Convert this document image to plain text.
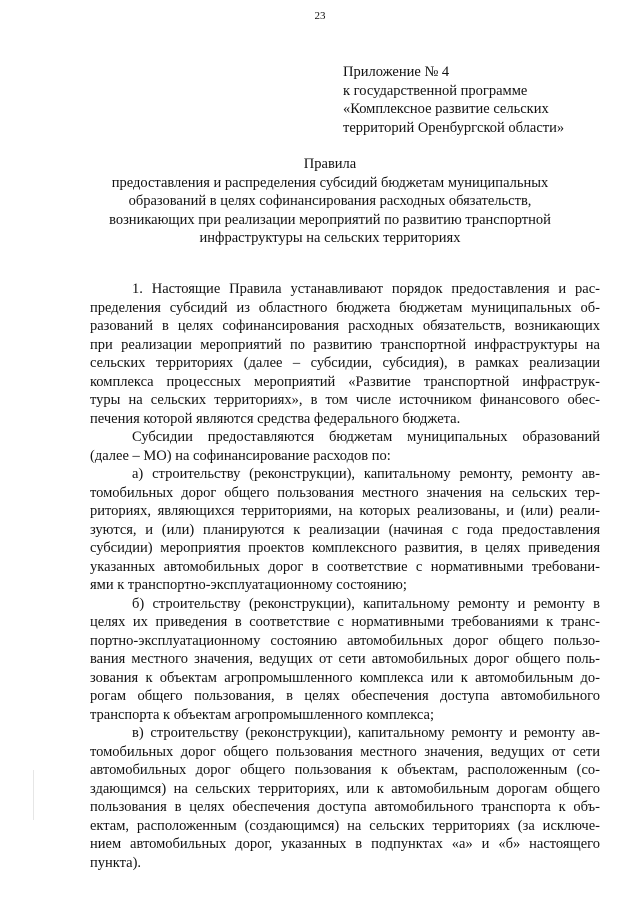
23
Приложение № 4
к государственной программе
«Комплексное развитие сельских
территорий Оренбургской области»
Правила
предоставления и распределения субсидий бюджетам муниципальных
образований в целях софинансирования расходных обязательств,
возникающих при реализации мероприятий по развитию транспортной
инфраструктуры на сельских территориях
1. Настоящие Правила устанавливают порядок предоставления и рас-
пределения субсидий из областного бюджета бюджетам муниципальных об-
разований в целях софинансирования расходных обязательств, возникающих
при реализации мероприятий по развитию транспортной инфраструктуры на
сельских территориях (далее – субсидии, субсидия), в рамках реализации
комплекса процессных мероприятий «Развитие транспортной инфраструк-
туры на сельских территориях», в том числе источником финансового обес-
печения которой являются средства федерального бюджета.
Субсидии предоставляются бюджетам муниципальных образований
(далее – МО) на софинансирование расходов по:
а) строительству (реконструкции), капитальному ремонту, ремонту ав-
томобильных дорог общего пользования местного значения на сельских тер-
риториях, являющихся территориями, на которых реализованы, и (или) реали-
зуются, и (или) планируются к реализации (начиная с года предоставления
субсидии) мероприятия проектов комплексного развития, в целях приведения
указанных автомобильных дорог в соответствие с нормативными требовани-
ями к транспортно-эксплуатационному состоянию;
б) строительству (реконструкции), капитальному ремонту и ремонту в
целях их приведения в соответствие с нормативными требованиями к транс-
портно-эксплуатационному состоянию автомобильных дорог общего пользо-
вания местного значения, ведущих от сети автомобильных дорог общего поль-
зования к объектам агропромышленного комплекса или к автомобильным до-
рогам общего пользования, в целях обеспечения доступа автомобильного
транспорта к объектам агропромышленного комплекса;
в) строительству (реконструкции), капитальному ремонту и ремонту ав-
томобильных дорог общего пользования местного значения, ведущих от сети
автомобильных дорог общего пользования к объектам, расположенным (со-
здающимся) на сельских территориях, или к автомобильным дорогам общего
пользования в целях обеспечения доступа автомобильного транспорта к объ-
ектам, расположенным (создающимся) на сельских территориях (за исключе-
нием автомобильных дорог, указанных в подпунктах «а» и «б» настоящего
пункта).
